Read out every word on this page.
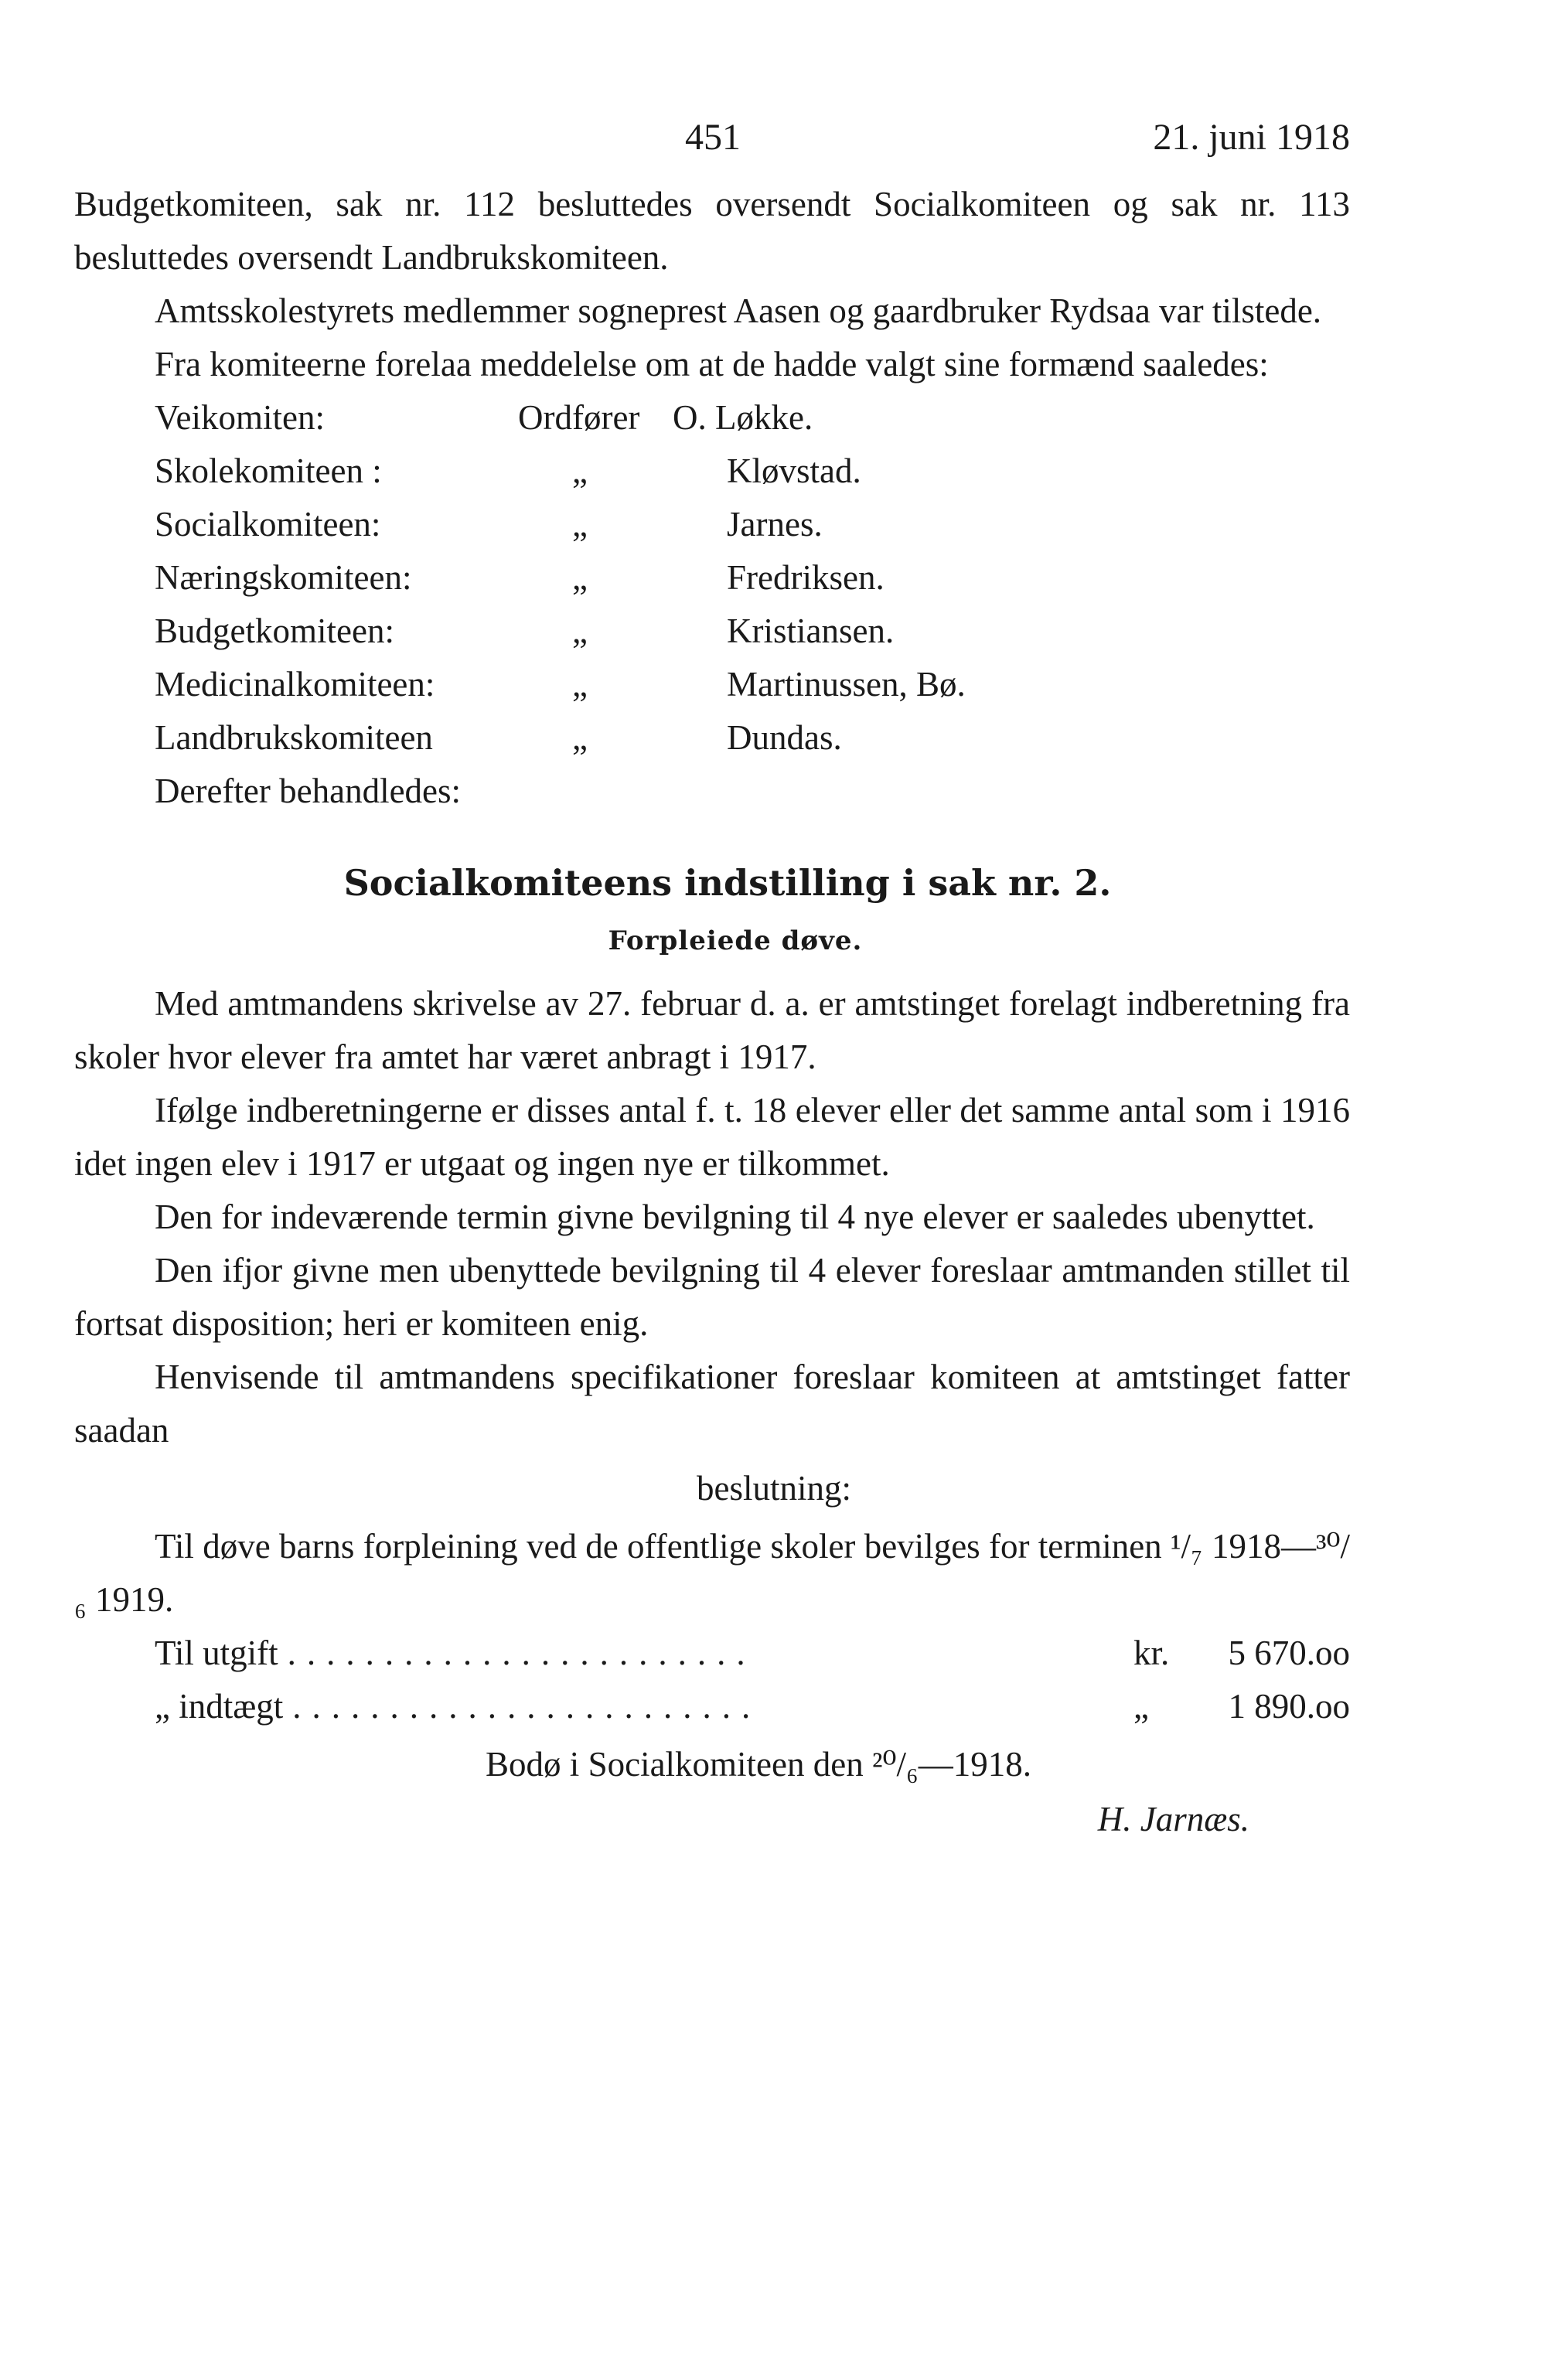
451	21. juni 1918

Budgetkomiteen, sak nr. 112 besluttedes oversendt Socialkomiteen og sak nr. 113 besluttedes oversendt Landbrukskomiteen.

Amtsskolestyrets medlemmer sogneprest Aasen og gaardbruker Rydsaa var tilstede.

Fra komiteerne forelaa meddelelse om at de hadde valgt sine formænd saaledes:

Veikomiten:	Ordfører O. Løkke.
Skolekomiteen :	„	Kløvstad.
Socialkomiteen:	„	Jarnes.
Næringskomiteen:	„	Fredriksen.
Budgetkomiteen:	„	Kristiansen.
Medicinalkomiteen:	„	Martinussen, Bø.
Landbrukskomiteen	„	Dundas.
Derefter behandledes:
Socialkomiteens indstilling i sak nr. 2.
Forpleiede døve.

Med amtmandens skrivelse av 27. februar d. a. er amtstinget forelagt indberetning fra skoler hvor elever fra amtet har været anbragt i 1917.

Ifølge indberetningerne er disses antal f. t. 18 elever eller det samme antal som i 1916 idet ingen elev i 1917 er utgaat og ingen nye er tilkommet.

Den for indeværende termin givne bevilgning til 4 nye elever er saaledes ubenyttet.

Den ifjor givne men ubenyttede bevilgning til 4 elever foreslaar amtmanden stillet til fortsat disposition; heri er komiteen enig.

Henvisende til amtmandens specifikationer foreslaar komiteen at amtstinget fatter saadan

beslutning:

Til døve barns forpleining ved de offentlige skoler bevilges for terminen ¹/₇ 1918—³⁰/₆ 1919.

Til utgift ........................	kr.	5 670.oo
„ indtægt ........................	„	1 890.oo
Bodø i Socialkomiteen den ²⁰/₆—1918.
H. Jarnæs.
